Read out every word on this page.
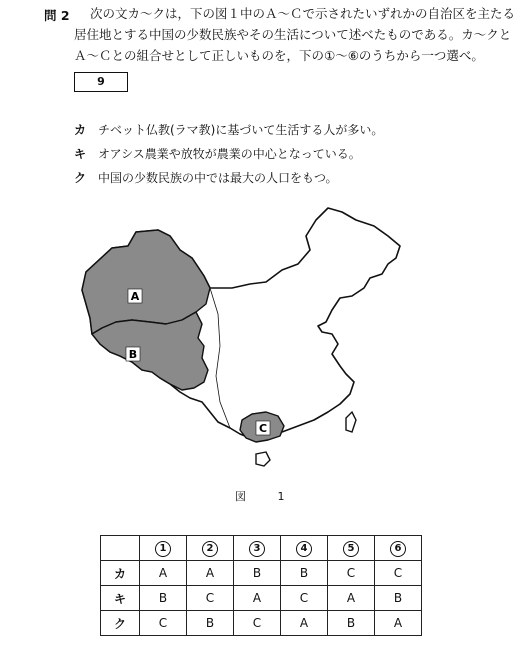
問 2 次の文カ～クは，下の図１中のＡ～Ｃで示されたいずれかの自治区を主たる
居住地とする中国の少数民族やその生活について述べたものである。カ～クと
Ａ～Ｃとの組合せとして正しいものを，下の①～⑥のうちから一つ選べ。
9
カ チベット仏教(ラマ教)に基づいて生活する人が多い。
キ オアシス農業や放牧が農業の中心となっている。
ク 中国の少数民族の中では最大の人口をもつ。
A
B
C
図 1
	1	2	3	4	5	6
カ	A	A	B	B	C	C
キ	B	C	A	C	A	B
ク	C	B	C	A	B	A
